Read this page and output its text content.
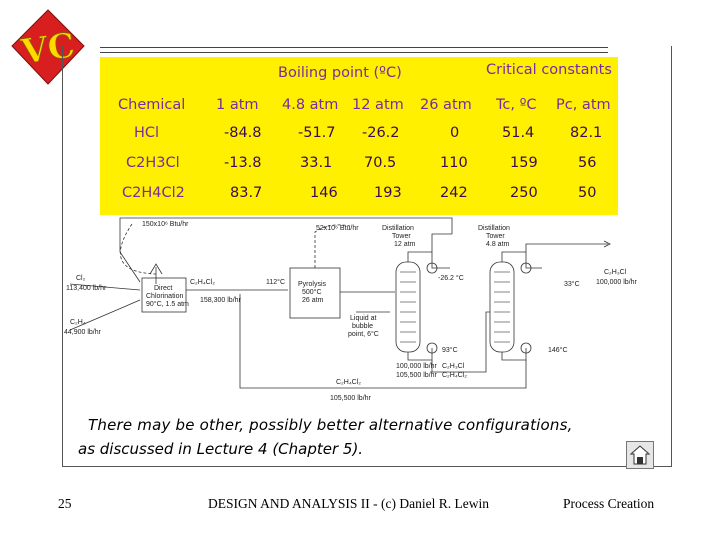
VC
Boiling point (ºC)	Critical constants
Chemical 1 atm 4.8 atm 12 atm 26 atm Tc, ºC Pc, atm
HCl	-84.8	-51.7 -26.2	0	51.4 82.1
C2H3Cl	-13.8	33.1 70.5	110	159	56
C2H4Cl2	83.7	146	193	242	250	50
150x10⁶ Btu/hr
52x10⁶ Btu/hr
Cl₂
113,400 lb/hr
C₂H₄
44,900 lb/hr
Direct
Chlorination
90°C, 1.5 atm
C₂H₄Cl₂
158,300 lb/hr
112°C Pyrolysis
500°C
26 atm
Liquid at
bubble
point, 6°C
Distillation
Tower
12 atm
Distillation
Tower
4.8 atm
-26.2 °C
93°C
33°C
146°C
C₂H₃Cl
100,000 lb/hr
100,000 lb/hr C₂H₃Cl
105,500 lb/hr C₂H₄Cl₂
C₂H₄Cl₂
105,500 lb/hr
There may be other, possibly better alternative configurations,
as discussed in Lecture 4 (Chapter 5).
25	DESIGN AND ANALYSIS II - (c) Daniel R. Lewin	Process Creation
